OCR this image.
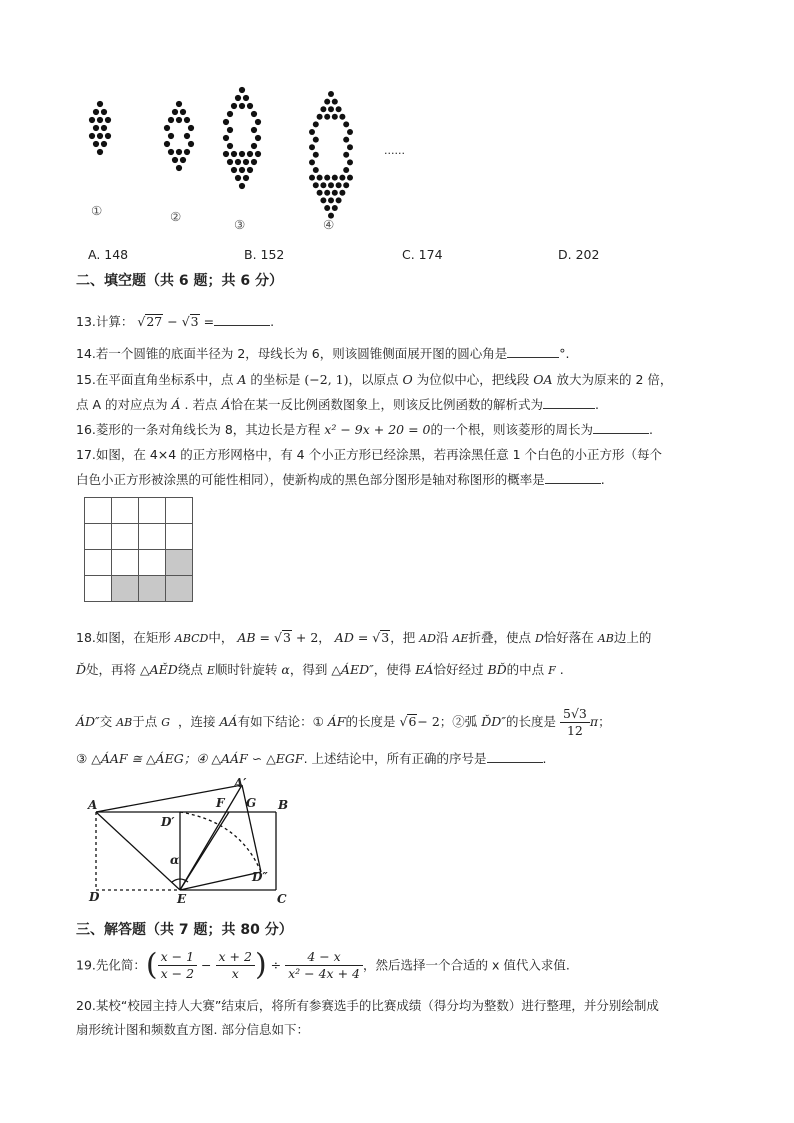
①	②
③	④
......
A. 148	B. 152	C. 174	D. 202
二、填空题（共 6 题；共 6 分）
13.计算： √27 − √3 =	.
14.若一个圆锥的底面半径为 2，母线长为 6，则该圆锥侧面展开图的圆心角是	°.
15.在平面直角坐标系中，点 A 的坐标是 (−2, 1)，以原点 O 为位似中心，把线段 OA 放大为原来的 2 倍，
点 A 的对应点为 Á . 若点 Á恰在某一反比例函数图象上，则该反比例函数的解析式为	.
16.菱形的一条对角线长为 8，其边长是方程 x² − 9x + 20 = 0的一个根，则该菱形的周长为	.
17.如图，在 4×4 的正方形网格中，有 4 个小正方形已经涂黑，若再涂黑任意 1 个白色的小正方形（每个
白色小正方形被涂黑的可能性相同），使新构成的黑色部分图形是轴对称图形的概率是	.

18.如图，在矩形 ABCD中， AB = √3 + 2， AD = √3，把 AD沿 AE折叠，使点 D恰好落在 AB边上的
Ď处，再将 △AĚD绕点 E顺时针旋转 α，得到 △ÁED″，使得 EÁ恰好经过 BĎ的中点 F .
ÁD″交 AB于点 G ，连接 AÁ有如下结论：① ÁF的长度是 √6− 2；②弧 ĎD″的长度是 $\frac{5√3}{12}$ π；
③ △ÁAF ≅ △ÁEG；④ △AÁF ∽ △EGF. 上述结论中，所有正确的序号是	.
A
A′
F G B
D′
α
D″
D	E	C
三、解答题（共 7 题；共 80 分）
19.先化简：( $\frac{x - 1}{x - 2} - \frac{x + 2}{x}$ ) ÷ $\frac{4 - x}{\text{x² − 4x + 4}}$ ，然后选择一个合适的 x 值代入求值.
20.某校“校园主持人大赛”结束后，将所有参赛选手的比赛成绩（得分均为整数）进行整理，并分别绘制成
扇形统计图和频数直方图. 部分信息如下：
